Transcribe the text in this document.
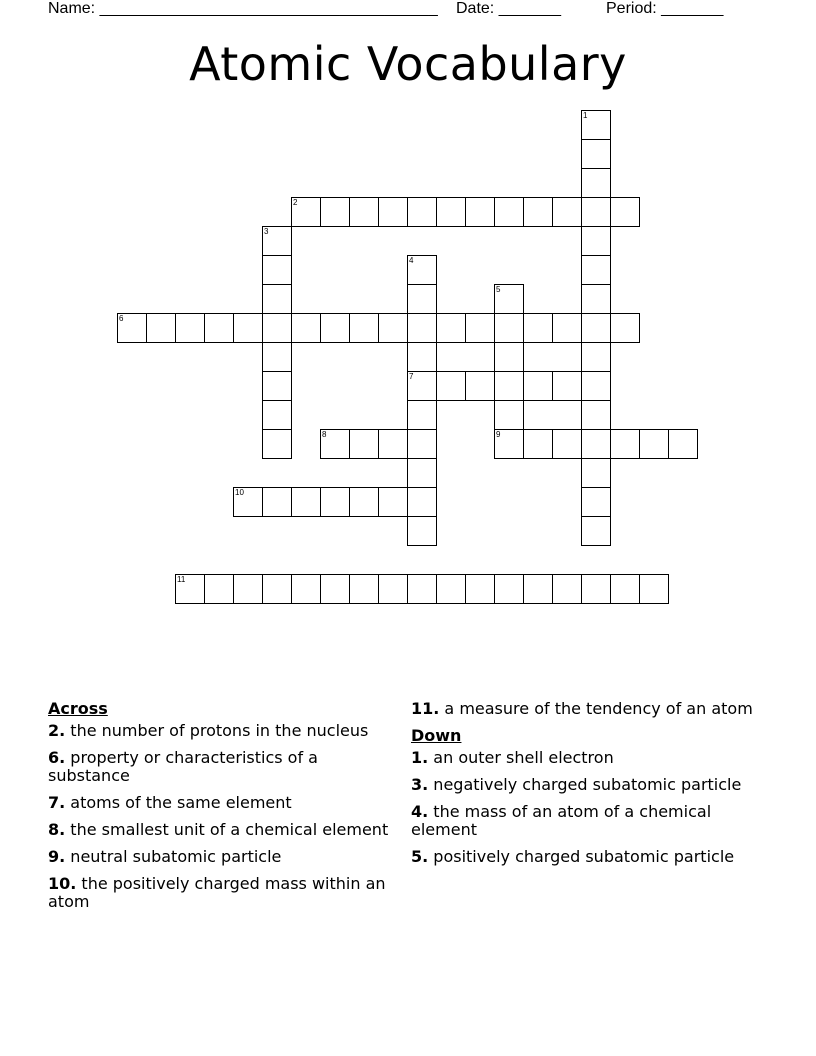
Name: ______________________________________ Date: _______	Period: _______
Atomic Vocabulary
1
2
3
4
7
5
9
6
8
10
11
Across
2. the number of protons in the nucleus
6. property or characteristics of a substance
7. atoms of the same element
8. the smallest unit of a chemical element
9. neutral subatomic particle
10. the positively charged mass within an atom
11. a measure of the tendency of an atom
Down
1. an outer shell electron
3. negatively charged subatomic particle
4. the mass of an atom of a chemical element
5. positively charged subatomic particle
